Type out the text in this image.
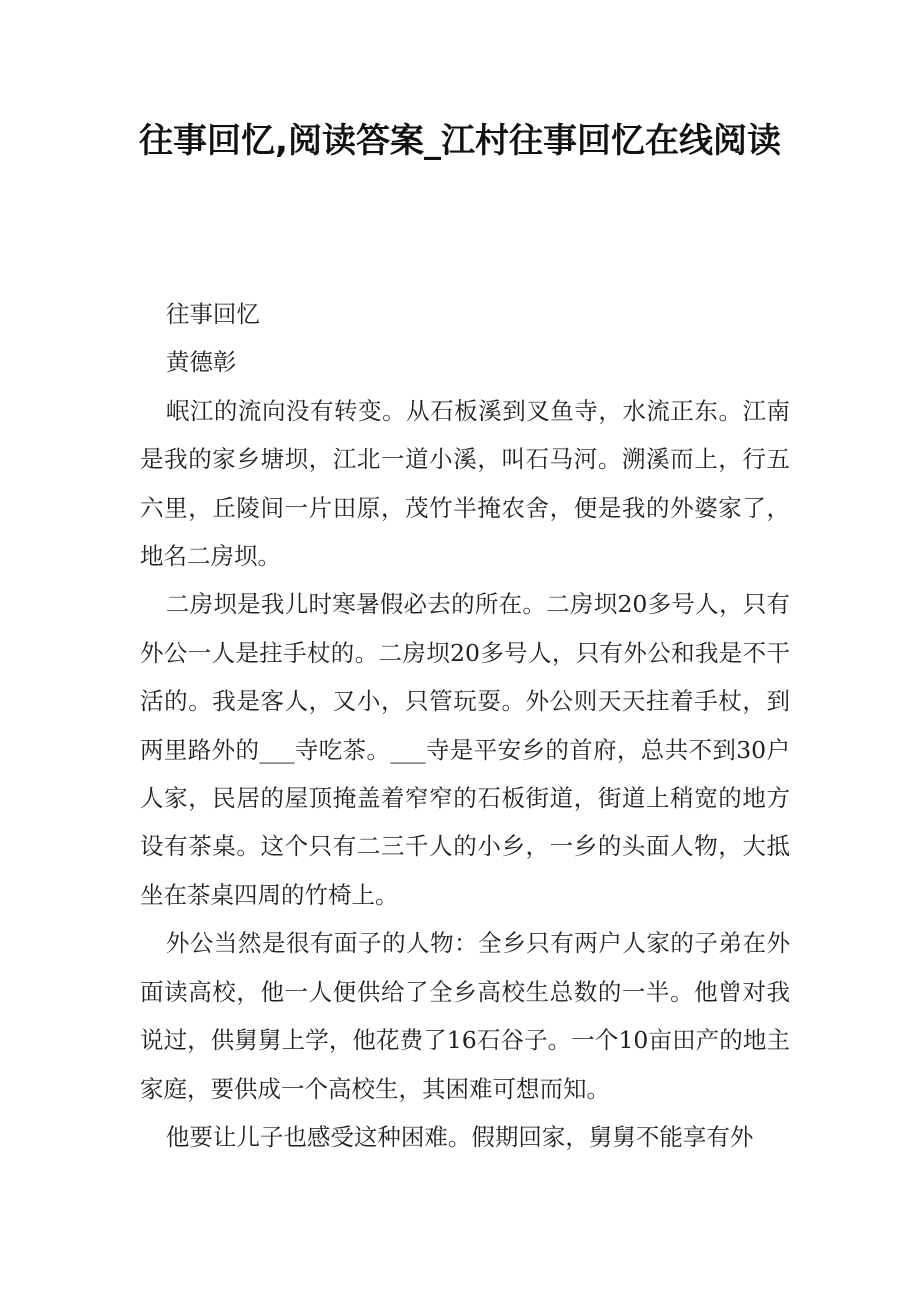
往事回忆,阅读答案_江村往事回忆在线阅读

往事回忆

黄德彰

岷江的流向没有转变。从石板溪到叉鱼寺，水流正东。江南是我的家乡塘坝，江北一道小溪，叫石马河。溯溪而上，行五六里，丘陵间一片田原，茂竹半掩农舍，便是我的外婆家了，地名二房坝。

二房坝是我儿时寒暑假必去的所在。二房坝20多号人，只有外公一人是拄手杖的。二房坝20多号人，只有外公和我是不干活的。我是客人，又小，只管玩耍。外公则天天拄着手杖，到两里路外的___寺吃茶。___寺是平安乡的首府，总共不到30户人家，民居的屋顶掩盖着窄窄的石板街道，街道上稍宽的地方设有茶桌。这个只有二三千人的小乡，一乡的头面人物，大抵坐在茶桌四周的竹椅上。

外公当然是很有面子的人物：全乡只有两户人家的子弟在外面读高校，他一人便供给了全乡高校生总数的一半。他曾对我说过，供舅舅上学，他花费了16石谷子。一个10亩田产的地主家庭，要供成一个高校生，其困难可想而知。

他要让儿子也感受这种困难。假期回家，舅舅不能享有外
